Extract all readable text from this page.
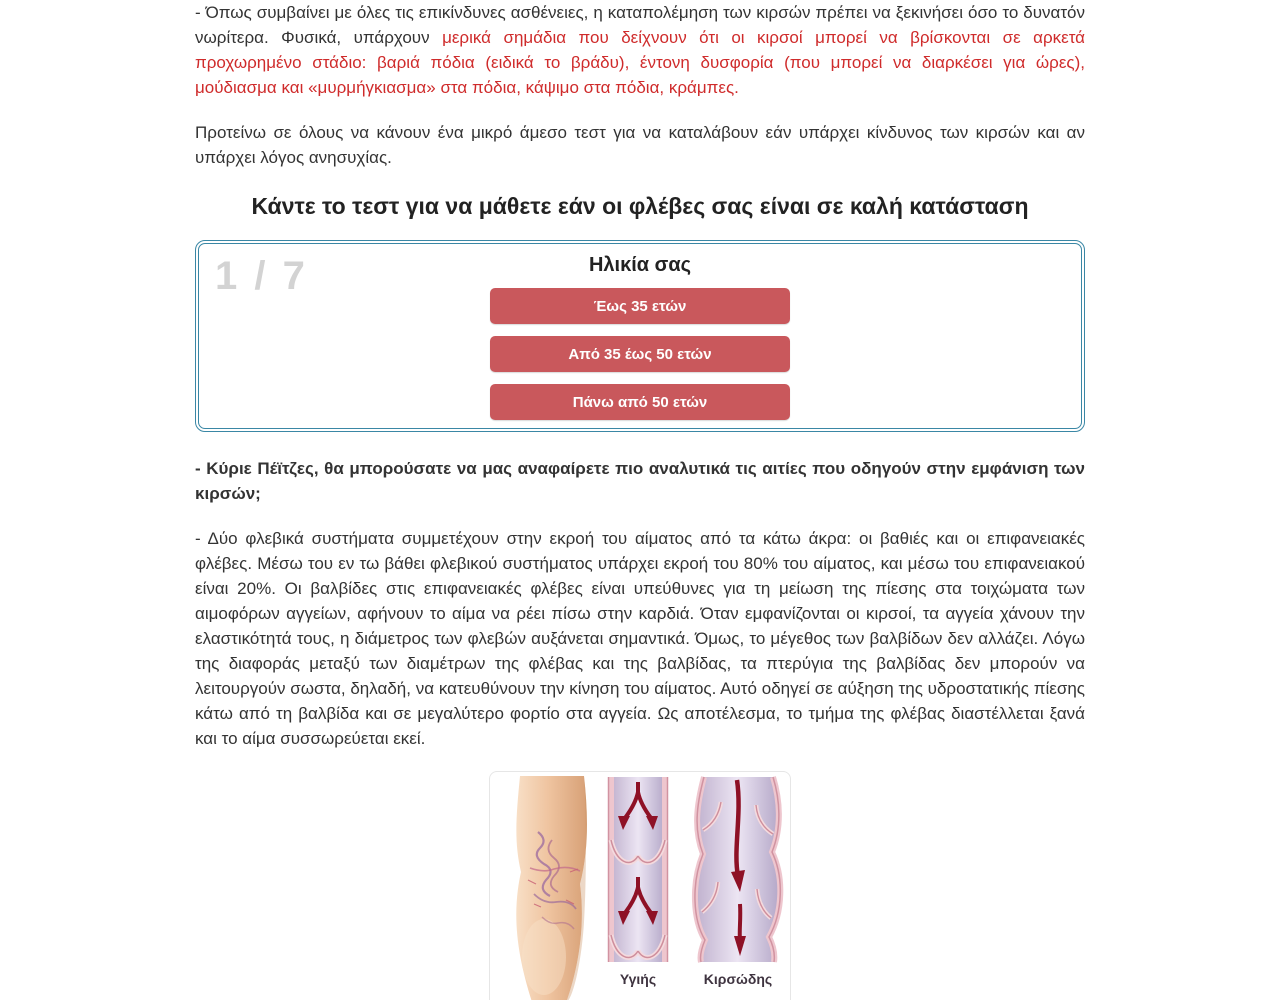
- Όπως συμβαίνει με όλες τις επικίνδυνες ασθένειες, η καταπολέμηση των κιρσών πρέπει να ξεκινήσει όσο το δυνατόν νωρίτερα. Φυσικά, υπάρχουν μερικά σημάδια που δείχνουν ότι οι κιρσοί μπορεί να βρίσκονται σε αρκετά προχωρημένο στάδιο: βαριά πόδια (ειδικά το βράδυ), έντονη δυσφορία (που μπορεί να διαρκέσει για ώρες), μούδιασμα και «μυρμήγκιασμα» στα πόδια, κάψιμο στα πόδια, κράμπες.

Προτείνω σε όλους να κάνουν ένα μικρό άμεσο τεστ για να καταλάβουν εάν υπάρχει κίνδυνος των κιρσών και αν υπάρχει λόγος ανησυχίας.

Κάντε το τεστ για να μάθετε εάν οι φλέβες σας είναι σε καλή κατάσταση
1 / 7	Ηλικία σας
Έως 35 ετών
Από 35 έως 50 ετών
Πάνω από 50 ετών

- Κύριε Πέϊτζες, θα μπορούσατε να μας αναφαίρετε πιο αναλυτικά τις αιτίες που οδηγούν στην εμφάνιση των κιρσών;

- Δύο φλεβικά συστήματα συμμετέχουν στην εκροή του αίματος από τα κάτω άκρα: οι βαθιές και οι επιφανειακές φλέβες. Μέσω του εν τω βάθει φλεβικού συστήματος υπάρχει εκροή του 80% του αίματος, και μέσω του επιφανειακού είναι 20%. Οι βαλβίδες στις επιφανειακές φλέβες είναι υπεύθυνες για τη μείωση της πίεσης στα τοιχώματα των αιμοφόρων αγγείων, αφήνουν το αίμα να ρέει πίσω στην καρδιά. Όταν εμφανίζονται οι κιρσοί, τα αγγεία χάνουν την ελαστικότητά τους, η διάμετρος των φλεβών αυξάνεται σημαντικά. Όμως, το μέγεθος των βαλβίδων δεν αλλάζει. Λόγω της διαφοράς μεταξύ των διαμέτρων της φλέβας και της βαλβίδας, τα πτερύγια της βαλβίδας δεν μπορούν να λειτουργούν σωστα, δηλαδή, να κατευθύνουν την κίνηση του αίματος. Αυτό οδηγεί σε αύξηση της υδροστατικής πίεσης κάτω από τη βαλβίδα και σε μεγαλύτερο φορτίο στα αγγεία. Ως αποτέλεσμα, το τμήμα της φλέβας διαστέλλεται ξανά και το αίμα συσσωρεύεται εκεί.

Υγιής	Κιρσώδης
